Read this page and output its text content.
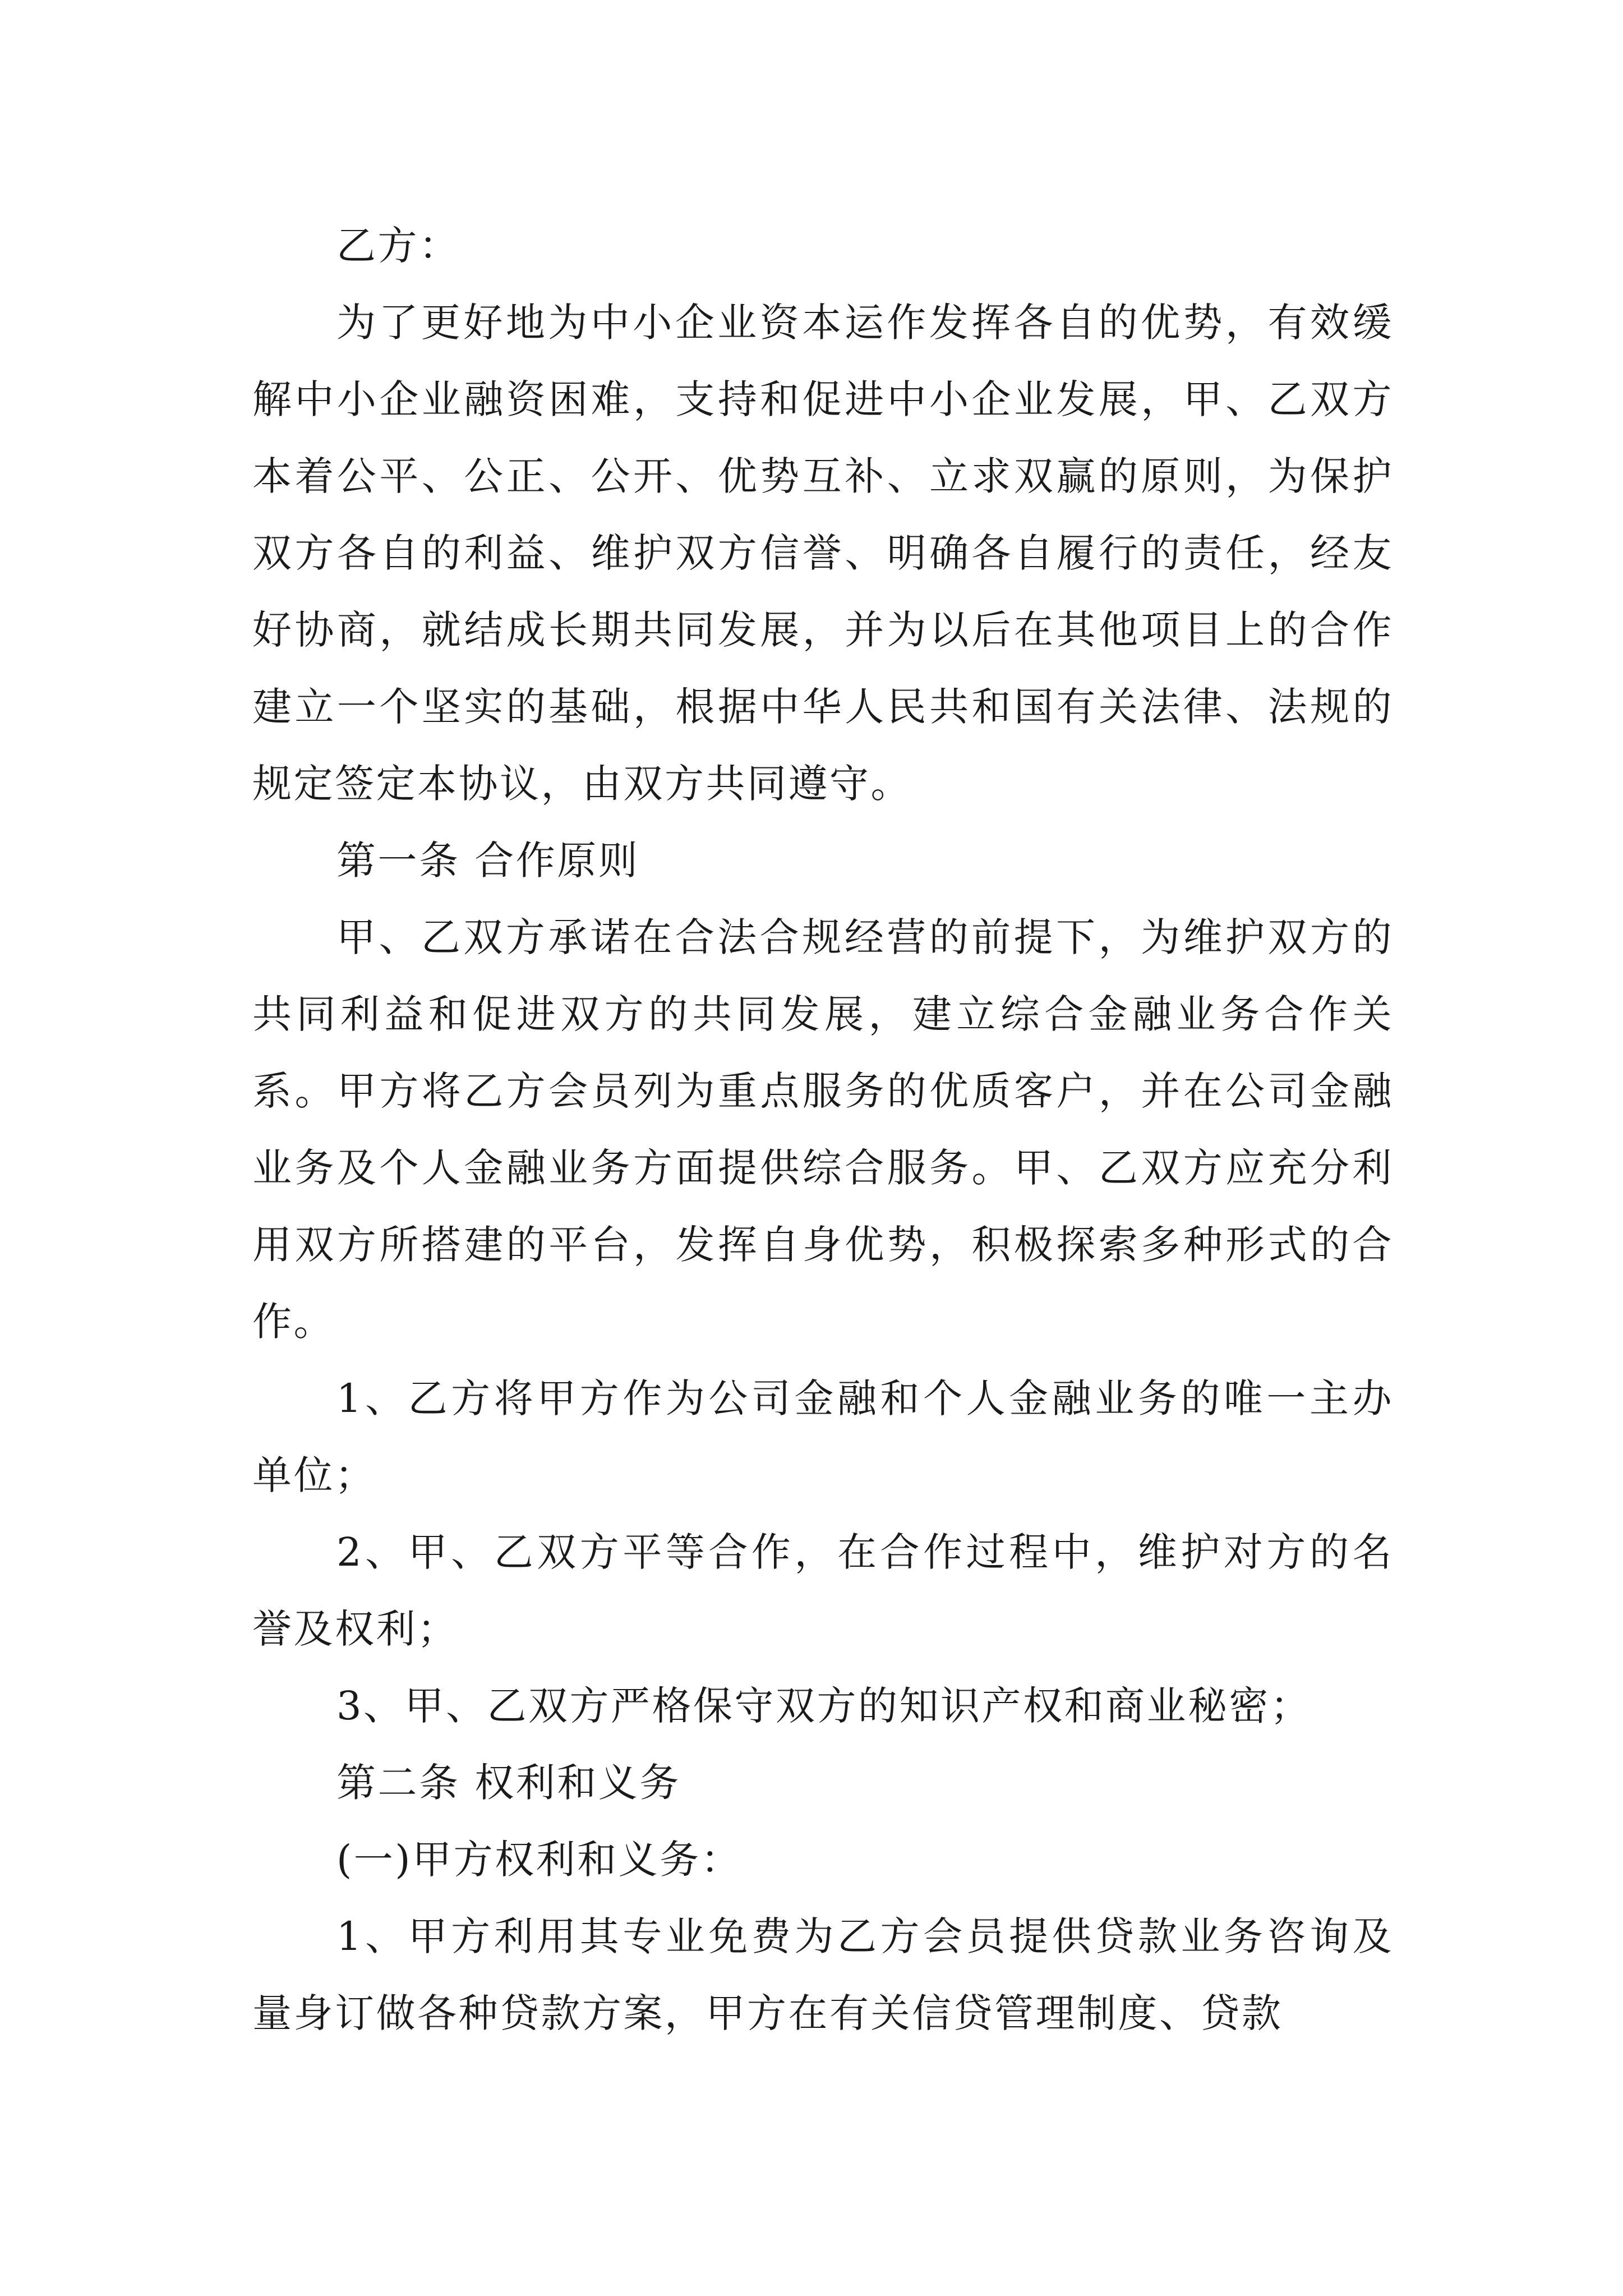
乙方：

为了更好地为中小企业资本运作发挥各自的优势，有效缓解中小企业融资困难，支持和促进中小企业发展，甲、乙双方本着公平、公正、公开、优势互补、立求双赢的原则，为保护双方各自的利益、维护双方信誉、明确各自履行的责任，经友好协商，就结成长期共同发展，并为以后在其他项目上的合作建立一个坚实的基础，根据中华人民共和国有关法律、法规的规定签定本协议，由双方共同遵守。

第一条 合作原则

甲、乙双方承诺在合法合规经营的前提下，为维护双方的共同利益和促进双方的共同发展，建立综合金融业务合作关系。甲方将乙方会员列为重点服务的优质客户，并在公司金融业务及个人金融业务方面提供综合服务。甲、乙双方应充分利用双方所搭建的平台，发挥自身优势，积极探索多种形式的合作。

1、乙方将甲方作为公司金融和个人金融业务的唯一主办单位；

2、甲、乙双方平等合作，在合作过程中，维护对方的名誉及权利；

3、甲、乙双方严格保守双方的知识产权和商业秘密；

第二条 权利和义务

(一)甲方权利和义务：

1、甲方利用其专业免费为乙方会员提供贷款业务咨询及量身订做各种贷款方案，甲方在有关信贷管理制度、贷款
